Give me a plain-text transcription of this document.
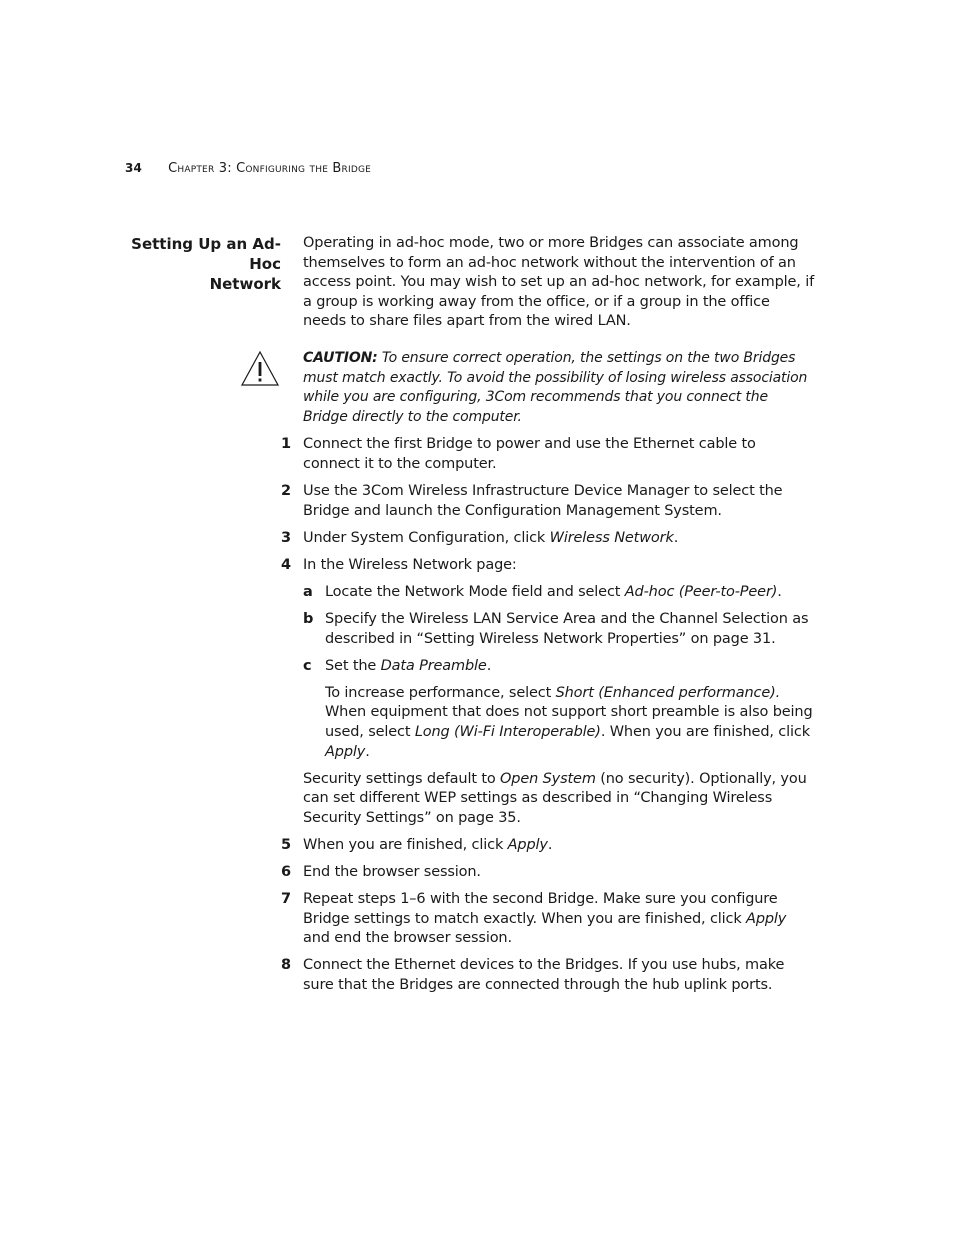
34 Chapter 3: Configuring the Bridge
Setting Up an Ad-Hoc
Network

Operating in ad-hoc mode, two or more Bridges can associate among themselves to form an ad-hoc network without the intervention of an access point. You may wish to set up an ad-hoc network, for example, if a group is working away from the office, or if a group in the office needs to share files apart from the wired LAN.

CAUTION: To ensure correct operation, the settings on the two Bridges must match exactly. To avoid the possibility of losing wireless association while you are configuring, 3Com recommends that you connect the Bridge directly to the computer.

1 Connect the first Bridge to power and use the Ethernet cable to connect it to the computer.
2 Use the 3Com Wireless Infrastructure Device Manager to select the Bridge and launch the Configuration Management System.
3 Under System Configuration, click Wireless Network.
4 In the Wireless Network page:
a Locate the Network Mode field and select Ad-hoc (Peer-to-Peer).
b Specify the Wireless LAN Service Area and the Channel Selection as described in “Setting Wireless Network Properties” on page 31.
c Set the Data Preamble.

To increase performance, select Short (Enhanced performance). When equipment that does not support short preamble is also being used, select Long (Wi-Fi Interoperable). When you are finished, click Apply.

Security settings default to Open System (no security). Optionally, you can set different WEP settings as described in “Changing Wireless Security Settings” on page 35.

5 When you are finished, click Apply.
6 End the browser session.
7 Repeat steps 1–6 with the second Bridge. Make sure you configure Bridge settings to match exactly. When you are finished, click Apply and end the browser session.
8 Connect the Ethernet devices to the Bridges. If you use hubs, make sure that the Bridges are connected through the hub uplink ports.
